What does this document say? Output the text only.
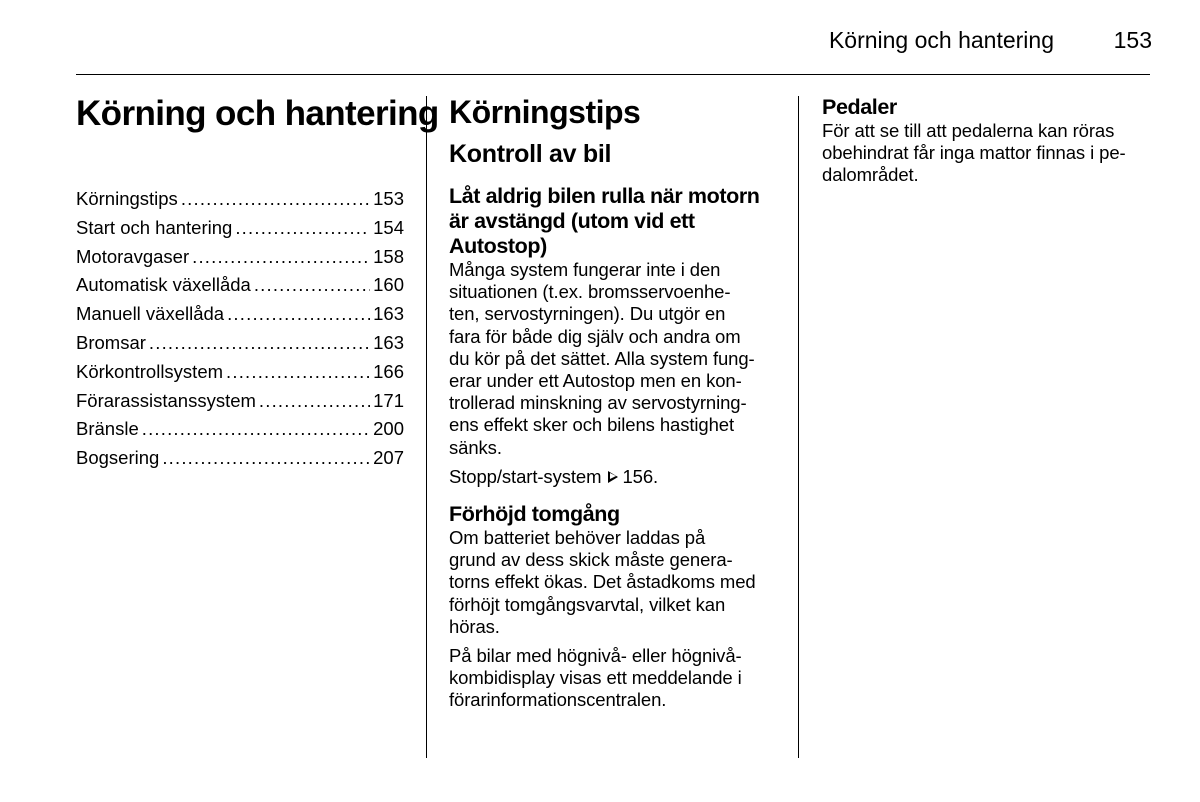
Körning och hantering	153
Körning och hantering
Körningstips .....	153
Start och hantering .....	154
Motoravgaser .....	158
Automatisk växellåda .....	160
Manuell växellåda .....	163
Bromsar .....	163
Körkontrollsystem .....	166
Förarassistanssystem .....	171
Bränsle .....	200
Bogsering .....	207
Körningstips
Kontroll av bil
Låt aldrig bilen rulla när motorn
är avstängd (utom vid ett
Autostop)

Många system fungerar inte i den
situationen (t.ex. bromsservoenhe-
ten, servostyrningen). Du utgör en
fara för både dig själv och andra om
du kör på det sättet. Alla system fung-
erar under ett Autostop men en kon-
trollerad minskning av servostyrning-
ens effekt sker och bilens hastighet
sänks.

Stopp/start-system 156.

Förhöjd tomgång

Om batteriet behöver laddas på
grund av dess skick måste genera-
torns effekt ökas. Det åstadkoms med
förhöjt tomgångsvarvtal, vilket kan
höras.

På bilar med högnivå- eller högnivå-
kombidisplay visas ett meddelande i
förarinformationscentralen.

Pedaler

För att se till att pedalerna kan röras
obehindrat får inga mattor finnas i pe-
dalområdet.
